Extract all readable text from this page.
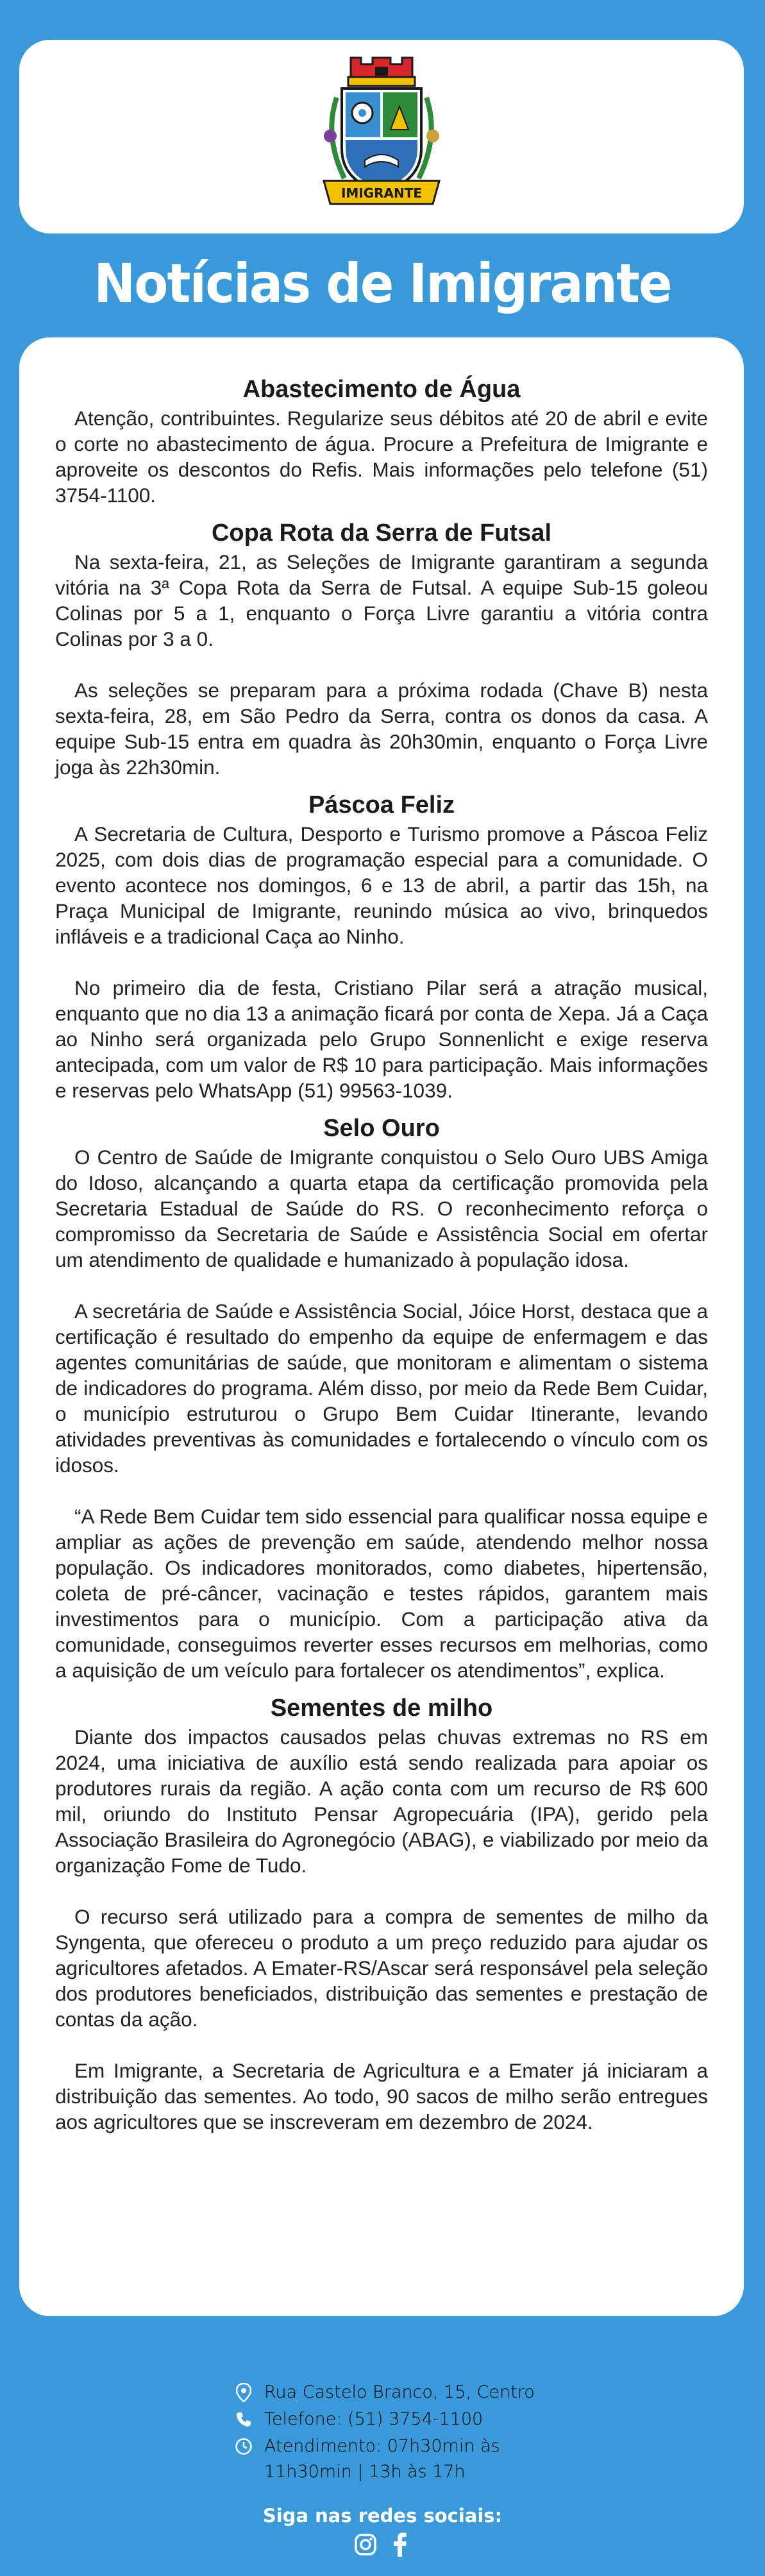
IMIGRANTE
Notícias de Imigrante
Abastecimento de Água

Atenção, contribuintes. Regularize seus débitos até 20 de abril e evite o corte no abastecimento de água. Procure a Prefeitura de Imigrante e aproveite os descontos do Refis. Mais informações pelo telefone (51) 3754-1100.

Copa Rota da Serra de Futsal

Na sexta-feira, 21, as Seleções de Imigrante garantiram a segunda vitória na 3ª Copa Rota da Serra de Futsal. A equipe Sub-15 goleou Colinas por 5 a 1, enquanto o Força Livre garantiu a vitória contra Colinas por 3 a 0.

As seleções se preparam para a próxima rodada (Chave B) nesta sexta-feira, 28, em São Pedro da Serra, contra os donos da casa. A equipe Sub-15 entra em quadra às 20h30min, enquanto o Força Livre joga às 22h30min.

Páscoa Feliz

A Secretaria de Cultura, Desporto e Turismo promove a Páscoa Feliz 2025, com dois dias de programação especial para a comunidade. O evento acontece nos domingos, 6 e 13 de abril, a partir das 15h, na Praça Municipal de Imigrante, reunindo música ao vivo, brinquedos infláveis e a tradicional Caça ao Ninho.

No primeiro dia de festa, Cristiano Pilar será a atração musical, enquanto que no dia 13 a animação ficará por conta de Xepa. Já a Caça ao Ninho será organizada pelo Grupo Sonnenlicht e exige reserva antecipada, com um valor de R$ 10 para participação. Mais informações e reservas pelo WhatsApp (51) 99563-1039.

Selo Ouro

O Centro de Saúde de Imigrante conquistou o Selo Ouro UBS Amiga do Idoso, alcançando a quarta etapa da certificação promovida pela Secretaria Estadual de Saúde do RS. O reconhecimento reforça o compromisso da Secretaria de Saúde e Assistência Social em ofertar um atendimento de qualidade e humanizado à população idosa.

A secretária de Saúde e Assistência Social, Jóice Horst, destaca que a certificação é resultado do empenho da equipe de enfermagem e das agentes comunitárias de saúde, que monitoram e alimentam o sistema de indicadores do programa. Além disso, por meio da Rede Bem Cuidar, o município estruturou o Grupo Bem Cuidar Itinerante, levando atividades preventivas às comunidades e fortalecendo o vínculo com os idosos.

“A Rede Bem Cuidar tem sido essencial para qualificar nossa equipe e ampliar as ações de prevenção em saúde, atendendo melhor nossa população. Os indicadores monitorados, como diabetes, hipertensão, coleta de pré-câncer, vacinação e testes rápidos, garantem mais investimentos para o município. Com a participação ativa da comunidade, conseguimos reverter esses recursos em melhorias, como a aquisição de um veículo para fortalecer os atendimentos”, explica.

Sementes de milho

Diante dos impactos causados pelas chuvas extremas no RS em 2024, uma iniciativa de auxílio está sendo realizada para apoiar os produtores rurais da região. A ação conta com um recurso de R$ 600 mil, oriundo do Instituto Pensar Agropecuária (IPA), gerido pela Associação Brasileira do Agronegócio (ABAG), e viabilizado por meio da organização Fome de Tudo.

O recurso será utilizado para a compra de sementes de milho da Syngenta, que ofereceu o produto a um preço reduzido para ajudar os agricultores afetados. A Emater-RS/Ascar será responsável pela seleção dos produtores beneficiados, distribuição das sementes e prestação de contas da ação.

Em Imigrante, a Secretaria de Agricultura e a Emater já iniciaram a distribuição das sementes. Ao todo, 90 sacos de milho serão entregues aos agricultores que se inscreveram em dezembro de 2024.

Rua Castelo Branco, 15, Centro
Telefone: (51) 3754-1100
Atendimento: 07h30min às
11h30min | 13h às 17h
Siga nas redes sociais:
